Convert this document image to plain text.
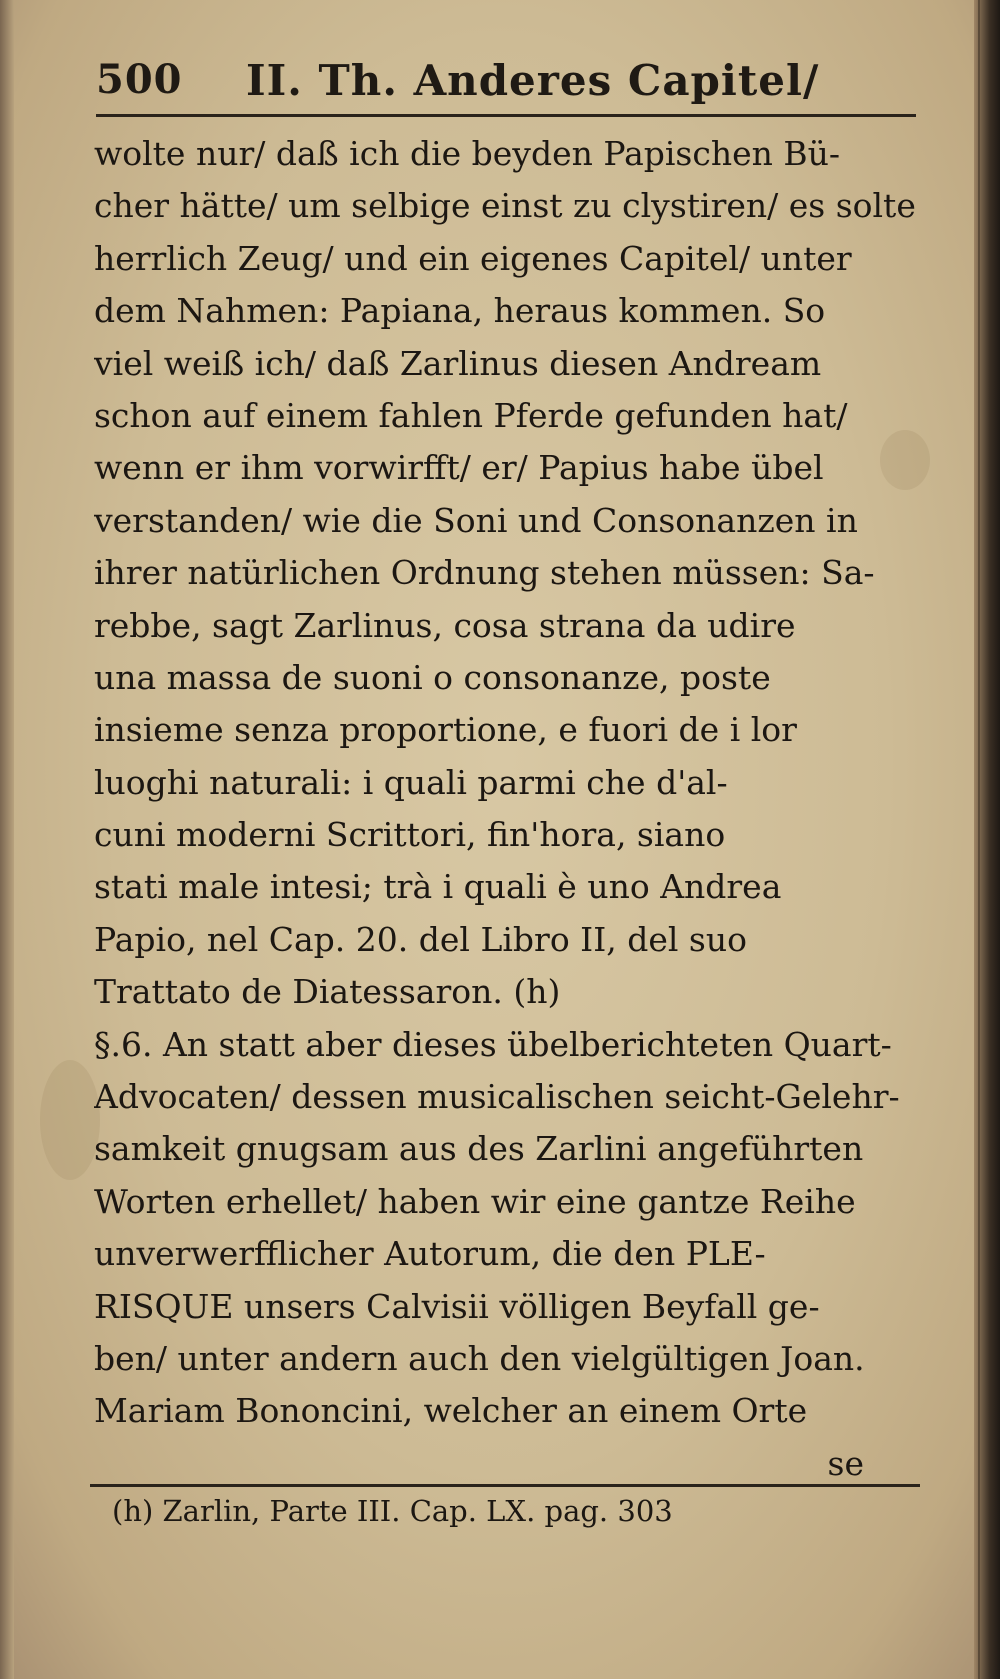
500 II. Th. Anderes Capitel/
wolte nur/ daß ich die beyden Papischen Bü-
cher hätte/ um selbige einst zu clystiren/ es solte
herrlich Zeug/ und ein eigenes Capitel/ unter
dem Nahmen: Papiana, heraus kommen. So
viel weiß ich/ daß Zarlinus diesen Andream
schon auf einem fahlen Pferde gefunden hat/
wenn er ihm vorwirfft/ er/ Papius habe übel
verstanden/ wie die Soni und Consonanzen in
ihrer natürlichen Ordnung stehen müssen: Sa-
rebbe, sagt Zarlinus, cosa strana da udire
una massa de suoni o consonanze, poste
insieme senza proportione, e fuori de i lor
luoghi naturali: i quali parmi che d'al-
cuni moderni Scrittori, fin'hora, siano
stati male intesi; trà i quali è uno Andrea
Papio, nel Cap. 20. del Libro II, del suo
Trattato de Diatessaron. (h)
§.6. An statt aber dieses übelberichteten Quart-
Advocaten/ dessen musicalischen seicht-Gelehr-
samkeit gnugsam aus des Zarlini angeführten
Worten erhellet/ haben wir eine gantze Reihe
unverwerfflicher Autorum, die den PLE-
RISQUE unsers Calvisii völligen Beyfall ge-
ben/ unter andern auch den vielgültigen Joan.
Mariam Bononcini, welcher an einem Orte
se
(h) Zarlin, Parte III. Cap. LX. pag. 303
